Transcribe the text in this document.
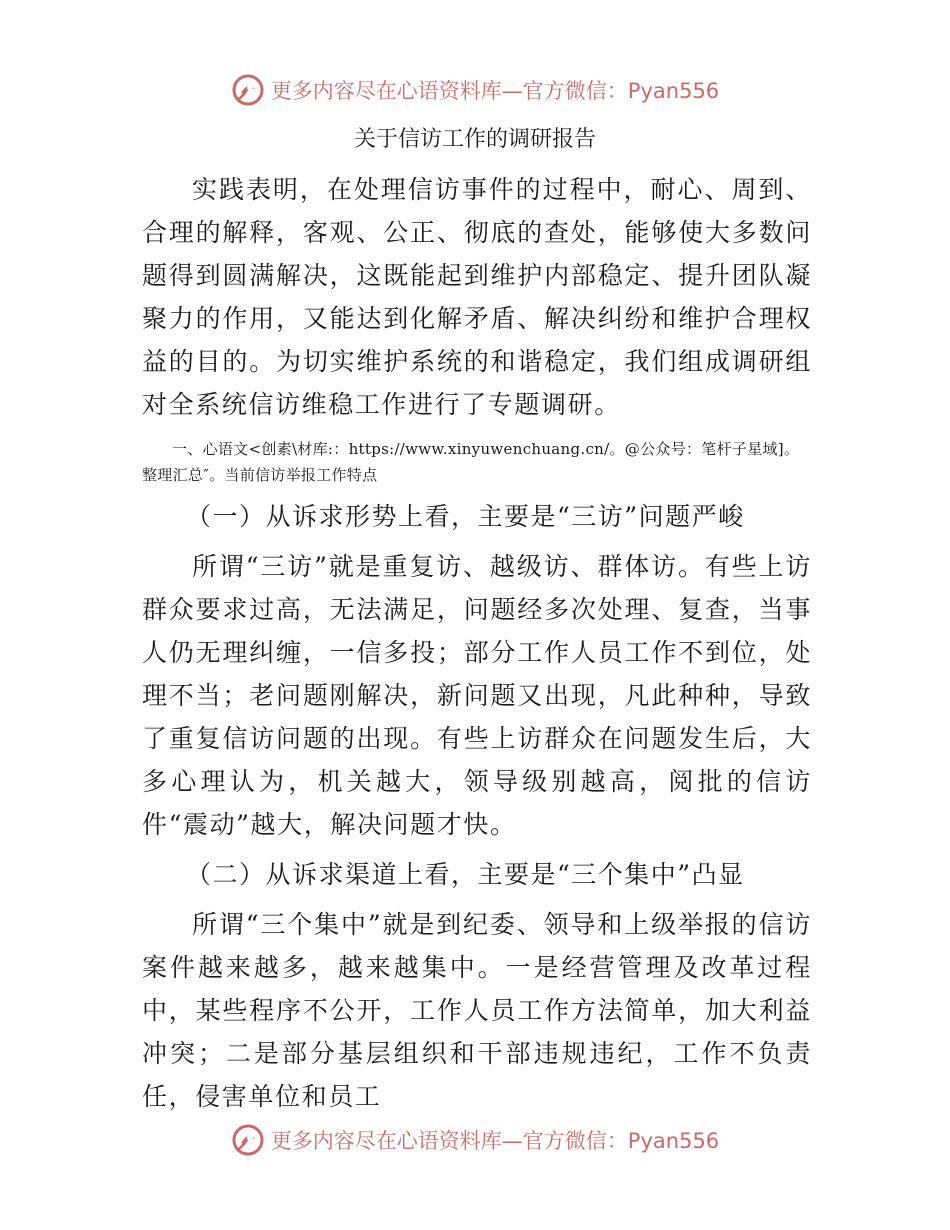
更多内容尽在心语资料库—官方微信：Pyan556
关于信访工作的调研报告

实践表明，在处理信访事件的过程中，耐心、周到、合理的解释，客观、公正、彻底的查处，能够使大多数问题得到圆满解决，这既能起到维护内部稳定、提升团队凝聚力的作用，又能达到化解矛盾、解决纠纷和维护合理权益的目的。为切实维护系统的和谐稳定，我们组成调研组对全系统信访维稳工作进行了专题调研。

一、心语文<创素\材库:：https://www.xinyuwenchuang.cn/。@公众号：笔杆子星域]。整理汇总″。当前信访举报工作特点

（一）从诉求形势上看，主要是“三访”问题严峻

所谓“三访”就是重复访、越级访、群体访。有些上访群众要求过高，无法满足，问题经多次处理、复查，当事人仍无理纠缠，一信多投；部分工作人员工作不到位，处理不当；老问题刚解决，新问题又出现，凡此种种，导致了重复信访问题的出现。有些上访群众在问题发生后，大多心理认为，机关越大，领导级别越高，阅批的信访件“震动”越大，解决问题才快。

（二）从诉求渠道上看，主要是“三个集中”凸显

所谓“三个集中”就是到纪委、领导和上级举报的信访案件越来越多，越来越集中。一是经营管理及改革过程中，某些程序不公开，工作人员工作方法简单，加大利益冲突；二是部分基层组织和干部违规违纪，工作不负责任，侵害单位和员工

更多内容尽在心语资料库—官方微信：Pyan556
